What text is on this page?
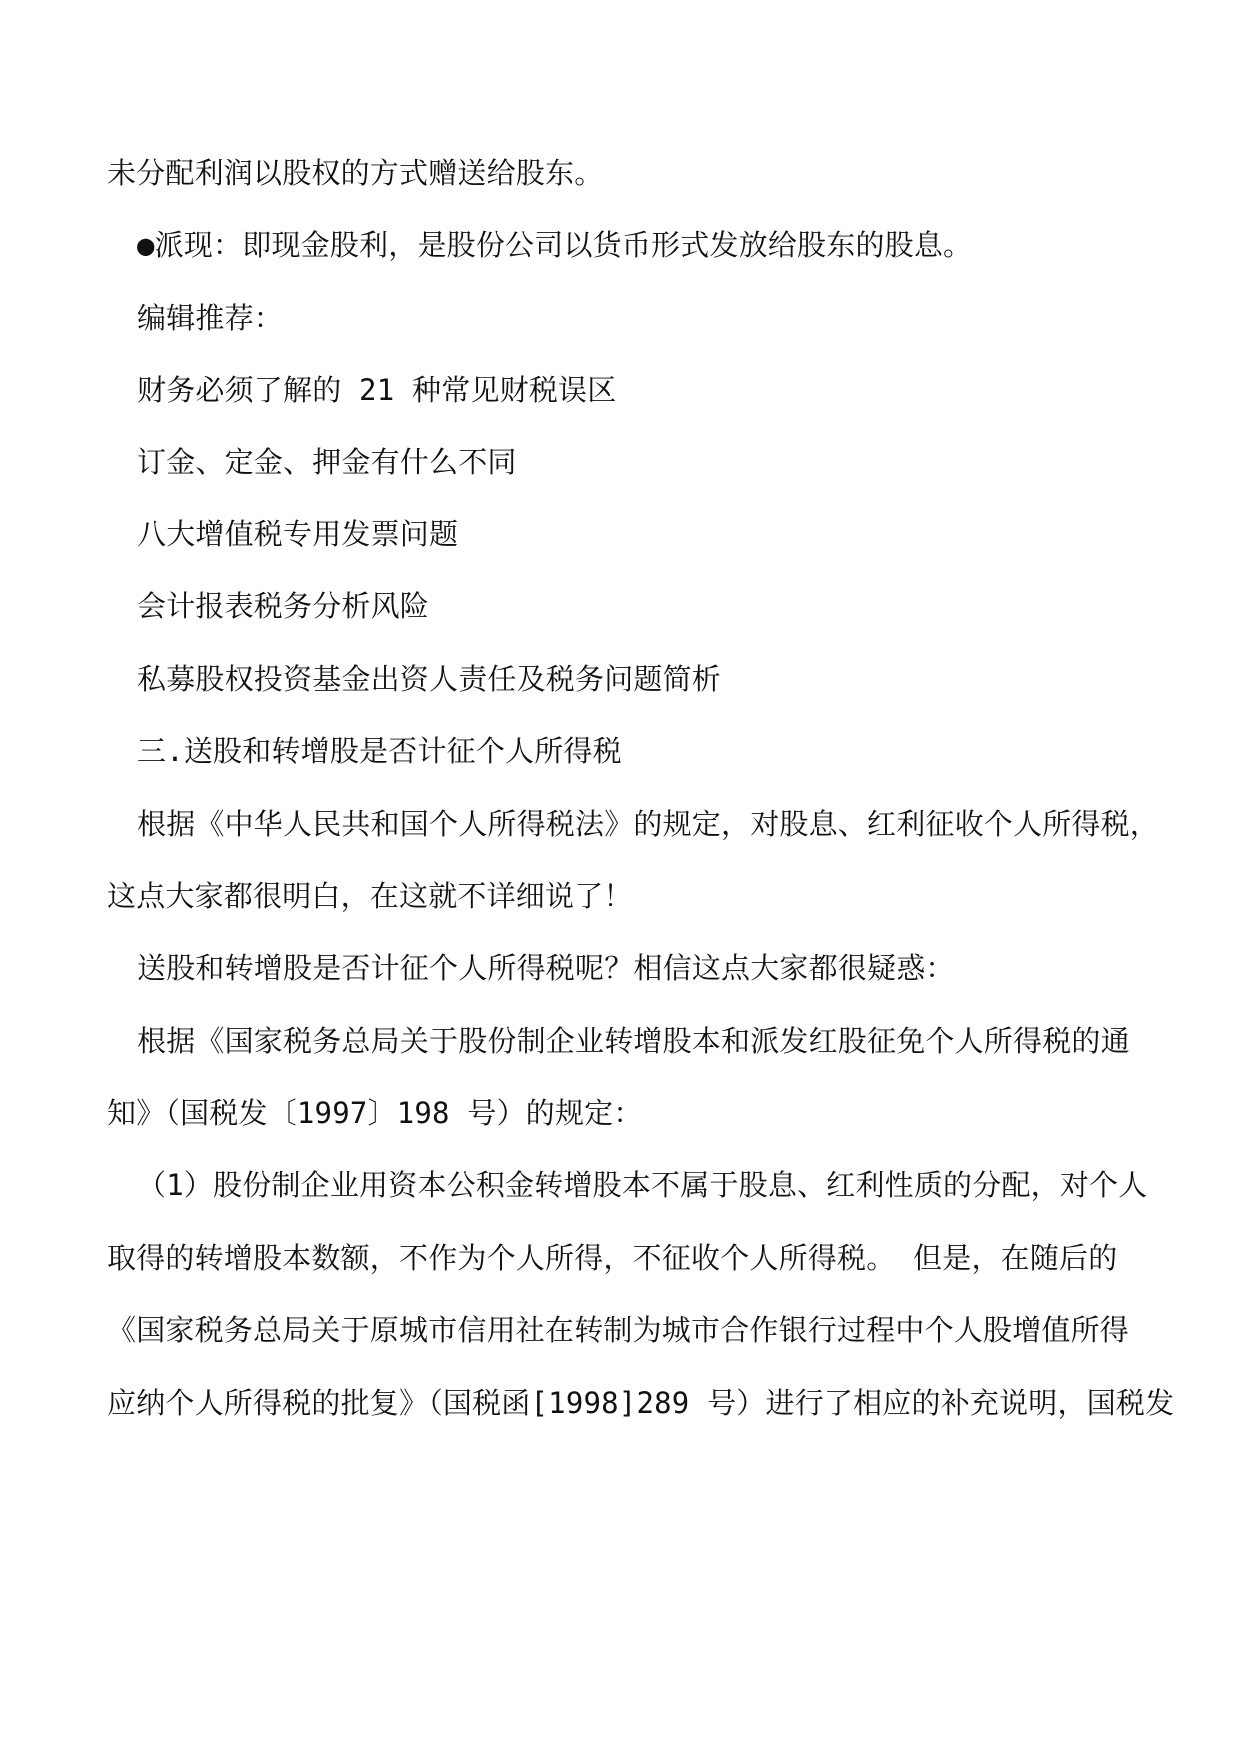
未分配利润以股权的方式赠送给股东。
●派现：即现金股利，是股份公司以货币形式发放给股东的股息。
编辑推荐：
财务必须了解的 21 种常见财税误区
订金、定金、押金有什么不同
八大增值税专用发票问题
会计报表税务分析风险
私募股权投资基金出资人责任及税务问题简析
三.送股和转增股是否计征个人所得税
根据《中华人民共和国个人所得税法》的规定，对股息、红利征收个人所得税，
这点大家都很明白，在这就不详细说了！
送股和转增股是否计征个人所得税呢？相信这点大家都很疑惑：
根据《国家税务总局关于股份制企业转增股本和派发红股征免个人所得税的通
知》（国税发〔1997〕198 号）的规定：
（1）股份制企业用资本公积金转增股本不属于股息、红利性质的分配，对个人
取得的转增股本数额，不作为个人所得，不征收个人所得税。 但是，在随后的
《国家税务总局关于原城市信用社在转制为城市合作银行过程中个人股增值所得
应纳个人所得税的批复》（国税函[1998]289 号）进行了相应的补充说明，国税发
